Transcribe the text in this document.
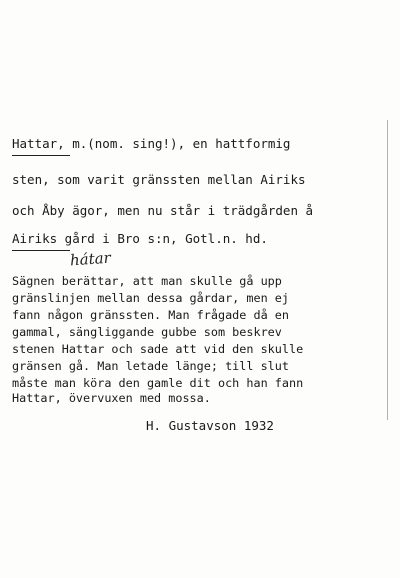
Hattar, m.(nom. sing!), en hattformig
sten, som varit gränssten mellan Airiks
och Åby ägor, men nu står i trädgården å
Airiks gård i Bro s:n, Gotl.n. hd.
hátar
Sägnen berättar, att man skulle gå upp
gränslinjen mellan dessa gårdar, men ej
fann någon gränssten. Man frågade då en
gammal, sängliggande gubbe som beskrev
stenen Hattar och sade att vid den skulle
gränsen gå. Man letade länge; till slut
måste man köra den gamle dit och han fann
Hattar, övervuxen med mossa.
H. Gustavson 1932
